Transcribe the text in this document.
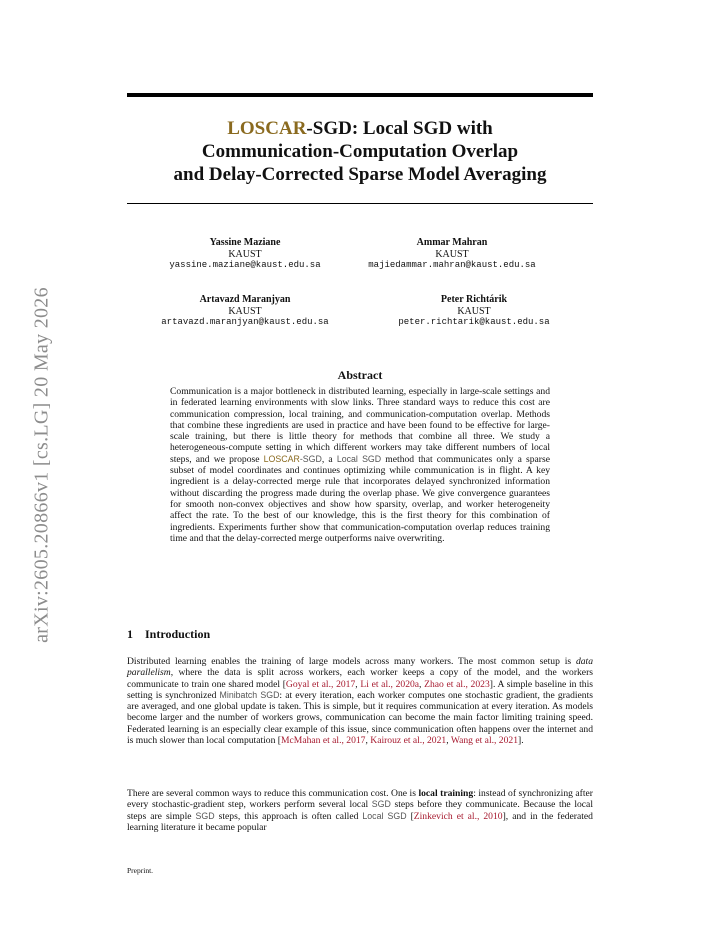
arXiv:2605.20866v1 [cs.LG] 20 May 2026
LOSCAR-SGD: Local SGD with
Communication-Computation Overlap
and Delay-Corrected Sparse Model Averaging
Yassine Maziane
KAUST
yassine.maziane@kaust.edu.sa
Ammar Mahran
KAUST
majiedammar.mahran@kaust.edu.sa
Artavazd Maranjyan
KAUST
artavazd.maranjyan@kaust.edu.sa
Peter Richtárik
KAUST
peter.richtarik@kaust.edu.sa
Abstract

Communication is a major bottleneck in distributed learning, especially in large-scale settings and in federated learning environments with slow links. Three standard ways to reduce this cost are communication compression, local training, and communication-computation overlap. Methods that combine these ingredients are used in practice and have been found to be effective for large-scale training, but there is little theory for methods that combine all three. We study a heterogeneous-compute setting in which different workers may take different numbers of local steps, and we propose LOSCAR-SGD, a Local SGD method that communicates only a sparse subset of model coordinates and continues optimizing while communication is in flight. A key ingredient is a delay-corrected merge rule that incorporates delayed synchronized information without discarding the progress made during the overlap phase. We give convergence guarantees for smooth non-convex objectives and show how sparsity, overlap, and worker heterogeneity affect the rate. To the best of our knowledge, this is the first theory for this combination of ingredients. Experiments further show that communication-computation overlap reduces training time and that the delay-corrected merge outperforms naive overwriting.

1 Introduction

Distributed learning enables the training of large models across many workers. The most common setup is data parallelism, where the data is split across workers, each worker keeps a copy of the model, and the workers communicate to train one shared model [Goyal et al., 2017, Li et al., 2020a, Zhao et al., 2023]. A simple baseline in this setting is synchronized Minibatch SGD: at every iteration, each worker computes one stochastic gradient, the gradients are averaged, and one global update is taken. This is simple, but it requires communication at every iteration. As models become larger and the number of workers grows, communication can become the main factor limiting training speed. Federated learning is an especially clear example of this issue, since communication often happens over the internet and is much slower than local computation [McMahan et al., 2017, Kairouz et al., 2021, Wang et al., 2021].

There are several common ways to reduce this communication cost. One is local training: instead of synchronizing after every stochastic-gradient step, workers perform several local SGD steps before they communicate. Because the local steps are simple SGD steps, this approach is often called Local SGD [Zinkevich et al., 2010], and in the federated learning literature it became popular

Preprint.
